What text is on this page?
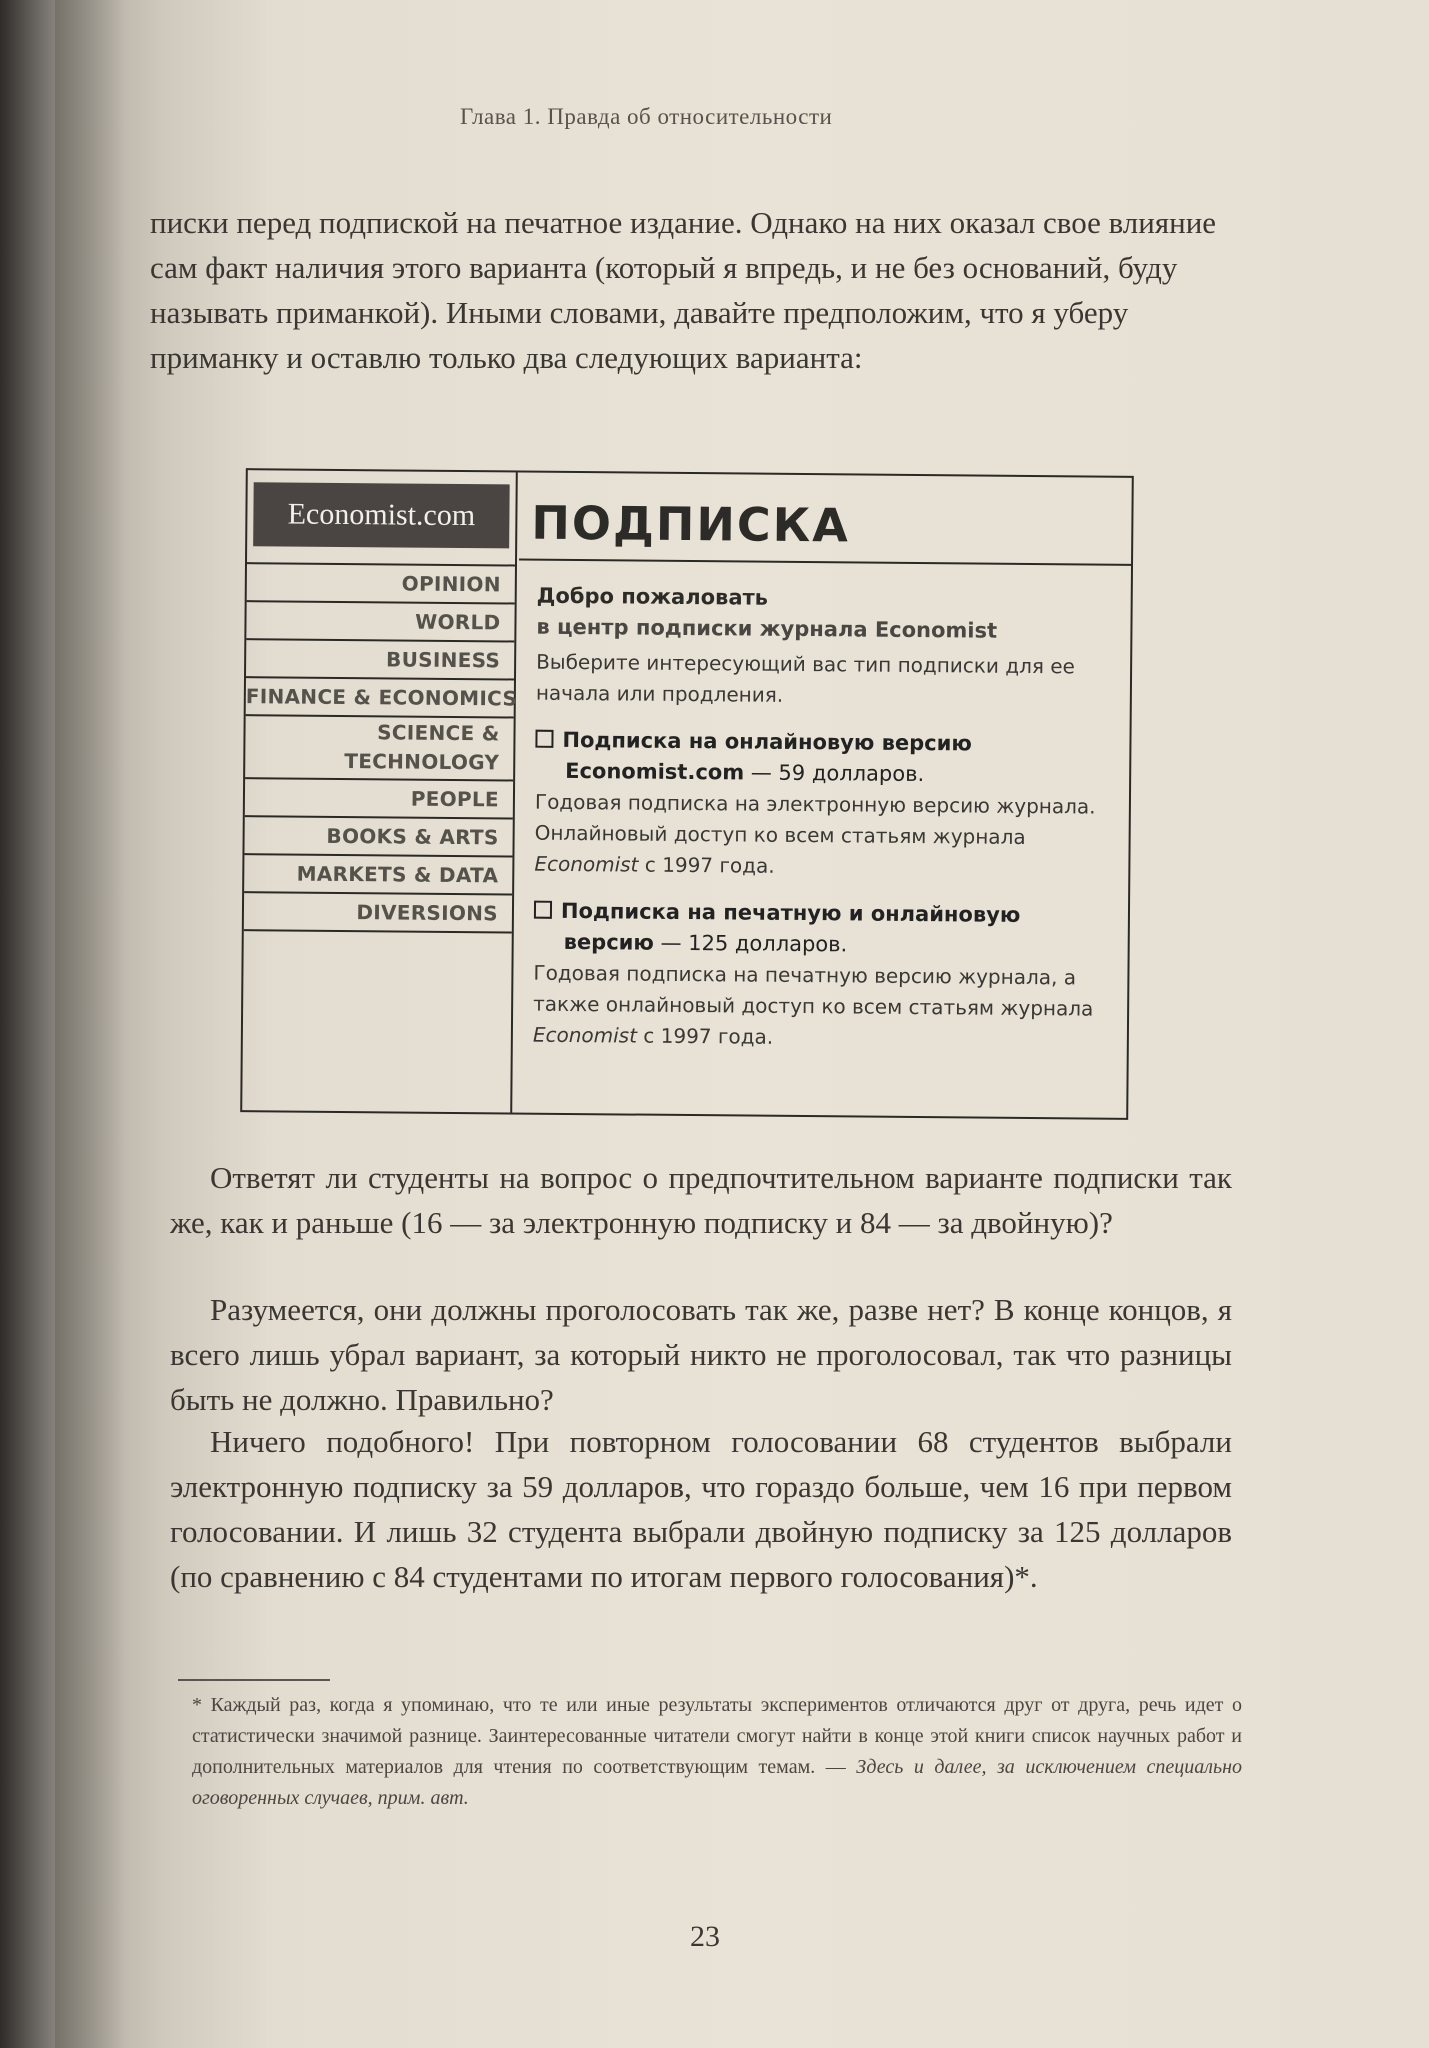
Глава 1. Правда об относительности

писки перед подпиской на печатное издание. Однако на них оказал свое влияние сам факт наличия этого варианта (который я впредь, и не без оснований, буду называть приманкой). Иными словами, давайте предположим, что я уберу приманку и оставлю только два следующих варианта:

Economist.com
OPINION
WORLD
BUSINESS
FINANCE & ECONOMICS
SCIENCE & TECHNOLOGY
PEOPLE
BOOKS & ARTS
MARKETS & DATA
DIVERSIONS
ПОДПИСКА

Добро пожаловать

в центр подписки журнала Economist

Выберите интересующий вас тип подписки для ее начала или продления.

Подписка на онлайновую версию
Economist.com — 59 долларов.
Годовая подписка на электронную версию журнала. Онлайновый доступ ко всем статьям журнала Economist с 1997 года.
Подписка на печатную и онлайновую
версию — 125 долларов.
Годовая подписка на печатную версию журнала, а также онлайновый доступ ко всем статьям журнала Economist с 1997 года.

Ответят ли студенты на вопрос о предпочтительном варианте подписки так же, как и раньше (16 — за электронную подписку и 84 — за двойную)?

Разумеется, они должны проголосовать так же, разве нет? В конце концов, я всего лишь убрал вариант, за который никто не проголосовал, так что разницы быть не должно. Правильно?

Ничего подобного! При повторном голосовании 68 студентов выбрали электронную подписку за 59 долларов, что гораздо больше, чем 16 при первом голосовании. И лишь 32 студента выбрали двойную подписку за 125 долларов (по сравнению с 84 студентами по итогам первого голосования)*.

* Каждый раз, когда я упоминаю, что те или иные результаты экспериментов отличаются друг от друга, речь идет о статистически значимой разнице. Заинтересованные читатели смогут найти в конце этой книги список научных работ и дополнительных материалов для чтения по соответствующим темам. — Здесь и далее, за исключением специально оговоренных случаев, прим. авт.

23
